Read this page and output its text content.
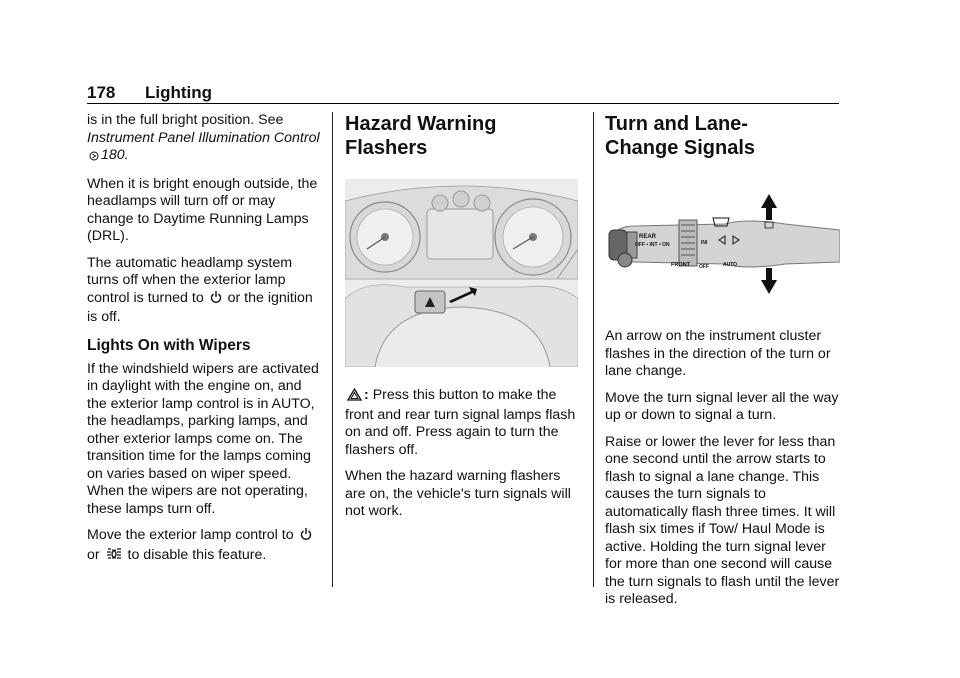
178 Lighting

is in the full bright position. See
Instrument Panel Illumination Control 180.

When it is bright enough outside, the headlamps will turn off or may change to Daytime Running Lamps (DRL).

The automatic headlamp system turns off when the exterior lamp control is turned to or the ignition is off.

Lights On with Wipers

If the windshield wipers are activated in daylight with the engine on, and the exterior lamp control is in AUTO, the headlamps, parking lamps, and other exterior lamps come on. The transition time for the lamps coming on varies based on wiper speed. When the wipers are not operating, these lamps turn off.

Move the exterior lamp control to
or to disable this feature.

Hazard Warning Flashers

: Press this button to make the front and rear turn signal lamps flash on and off. Press again to turn the flashers off.

When the hazard warning flashers are on, the vehicle's turn signals will not work.

Turn and Lane-Change Signals
REAR
OFF • INT • ON
FRONT
INI
OFF	AUTO

An arrow on the instrument cluster flashes in the direction of the turn or lane change.

Move the turn signal lever all the way up or down to signal a turn.

Raise or lower the lever for less than one second until the arrow starts to flash to signal a lane change. This causes the turn signals to automatically flash three times. It will flash six times if Tow/ Haul Mode is active. Holding the turn signal lever for more than one second will cause the turn signals to flash until the lever is released.
